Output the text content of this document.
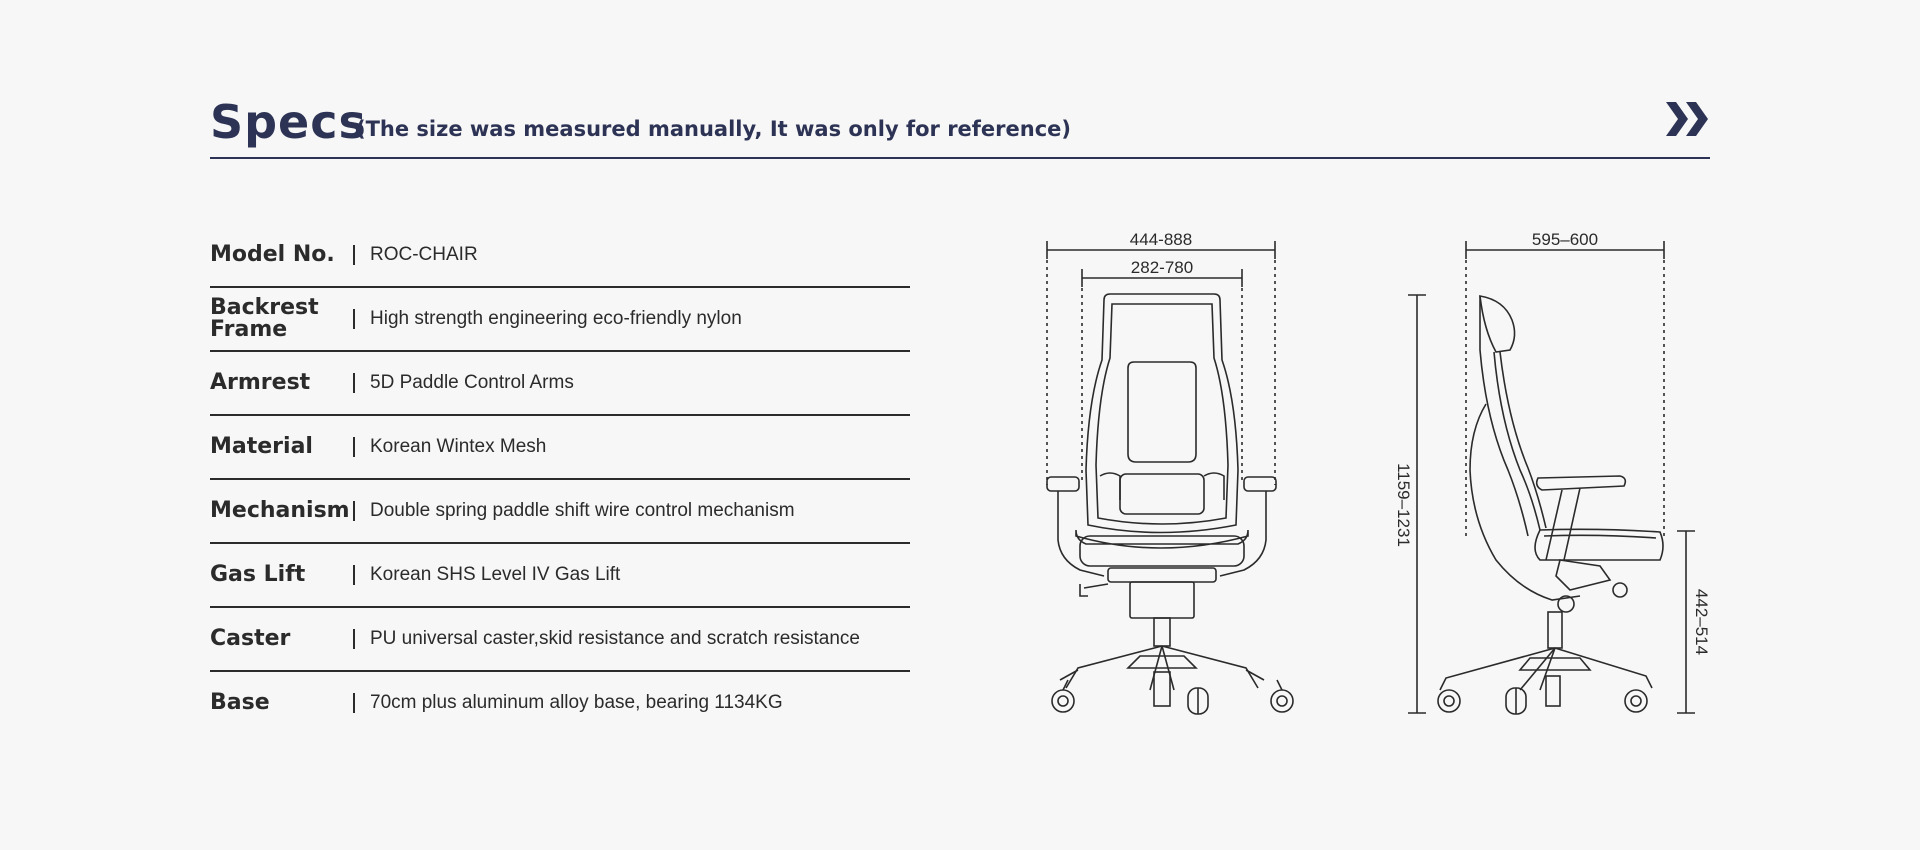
Specs
(The size was measured manually, It was only for reference)
Model No.	ROC-CHAIR
Backrest Frame	High strength engineering eco-friendly nylon
Armrest	5D Paddle Control Arms
Material	Korean Wintex Mesh
Mechanism Double spring paddle shift wire control mechanism
Gas Lift	Korean SHS Level IV Gas Lift
Caster	PU universal caster,skid resistance and scratch resistance
Base	70cm plus aluminum alloy base, bearing 1134KG
444-888
282-780
595–600
1159–1231
442–514
